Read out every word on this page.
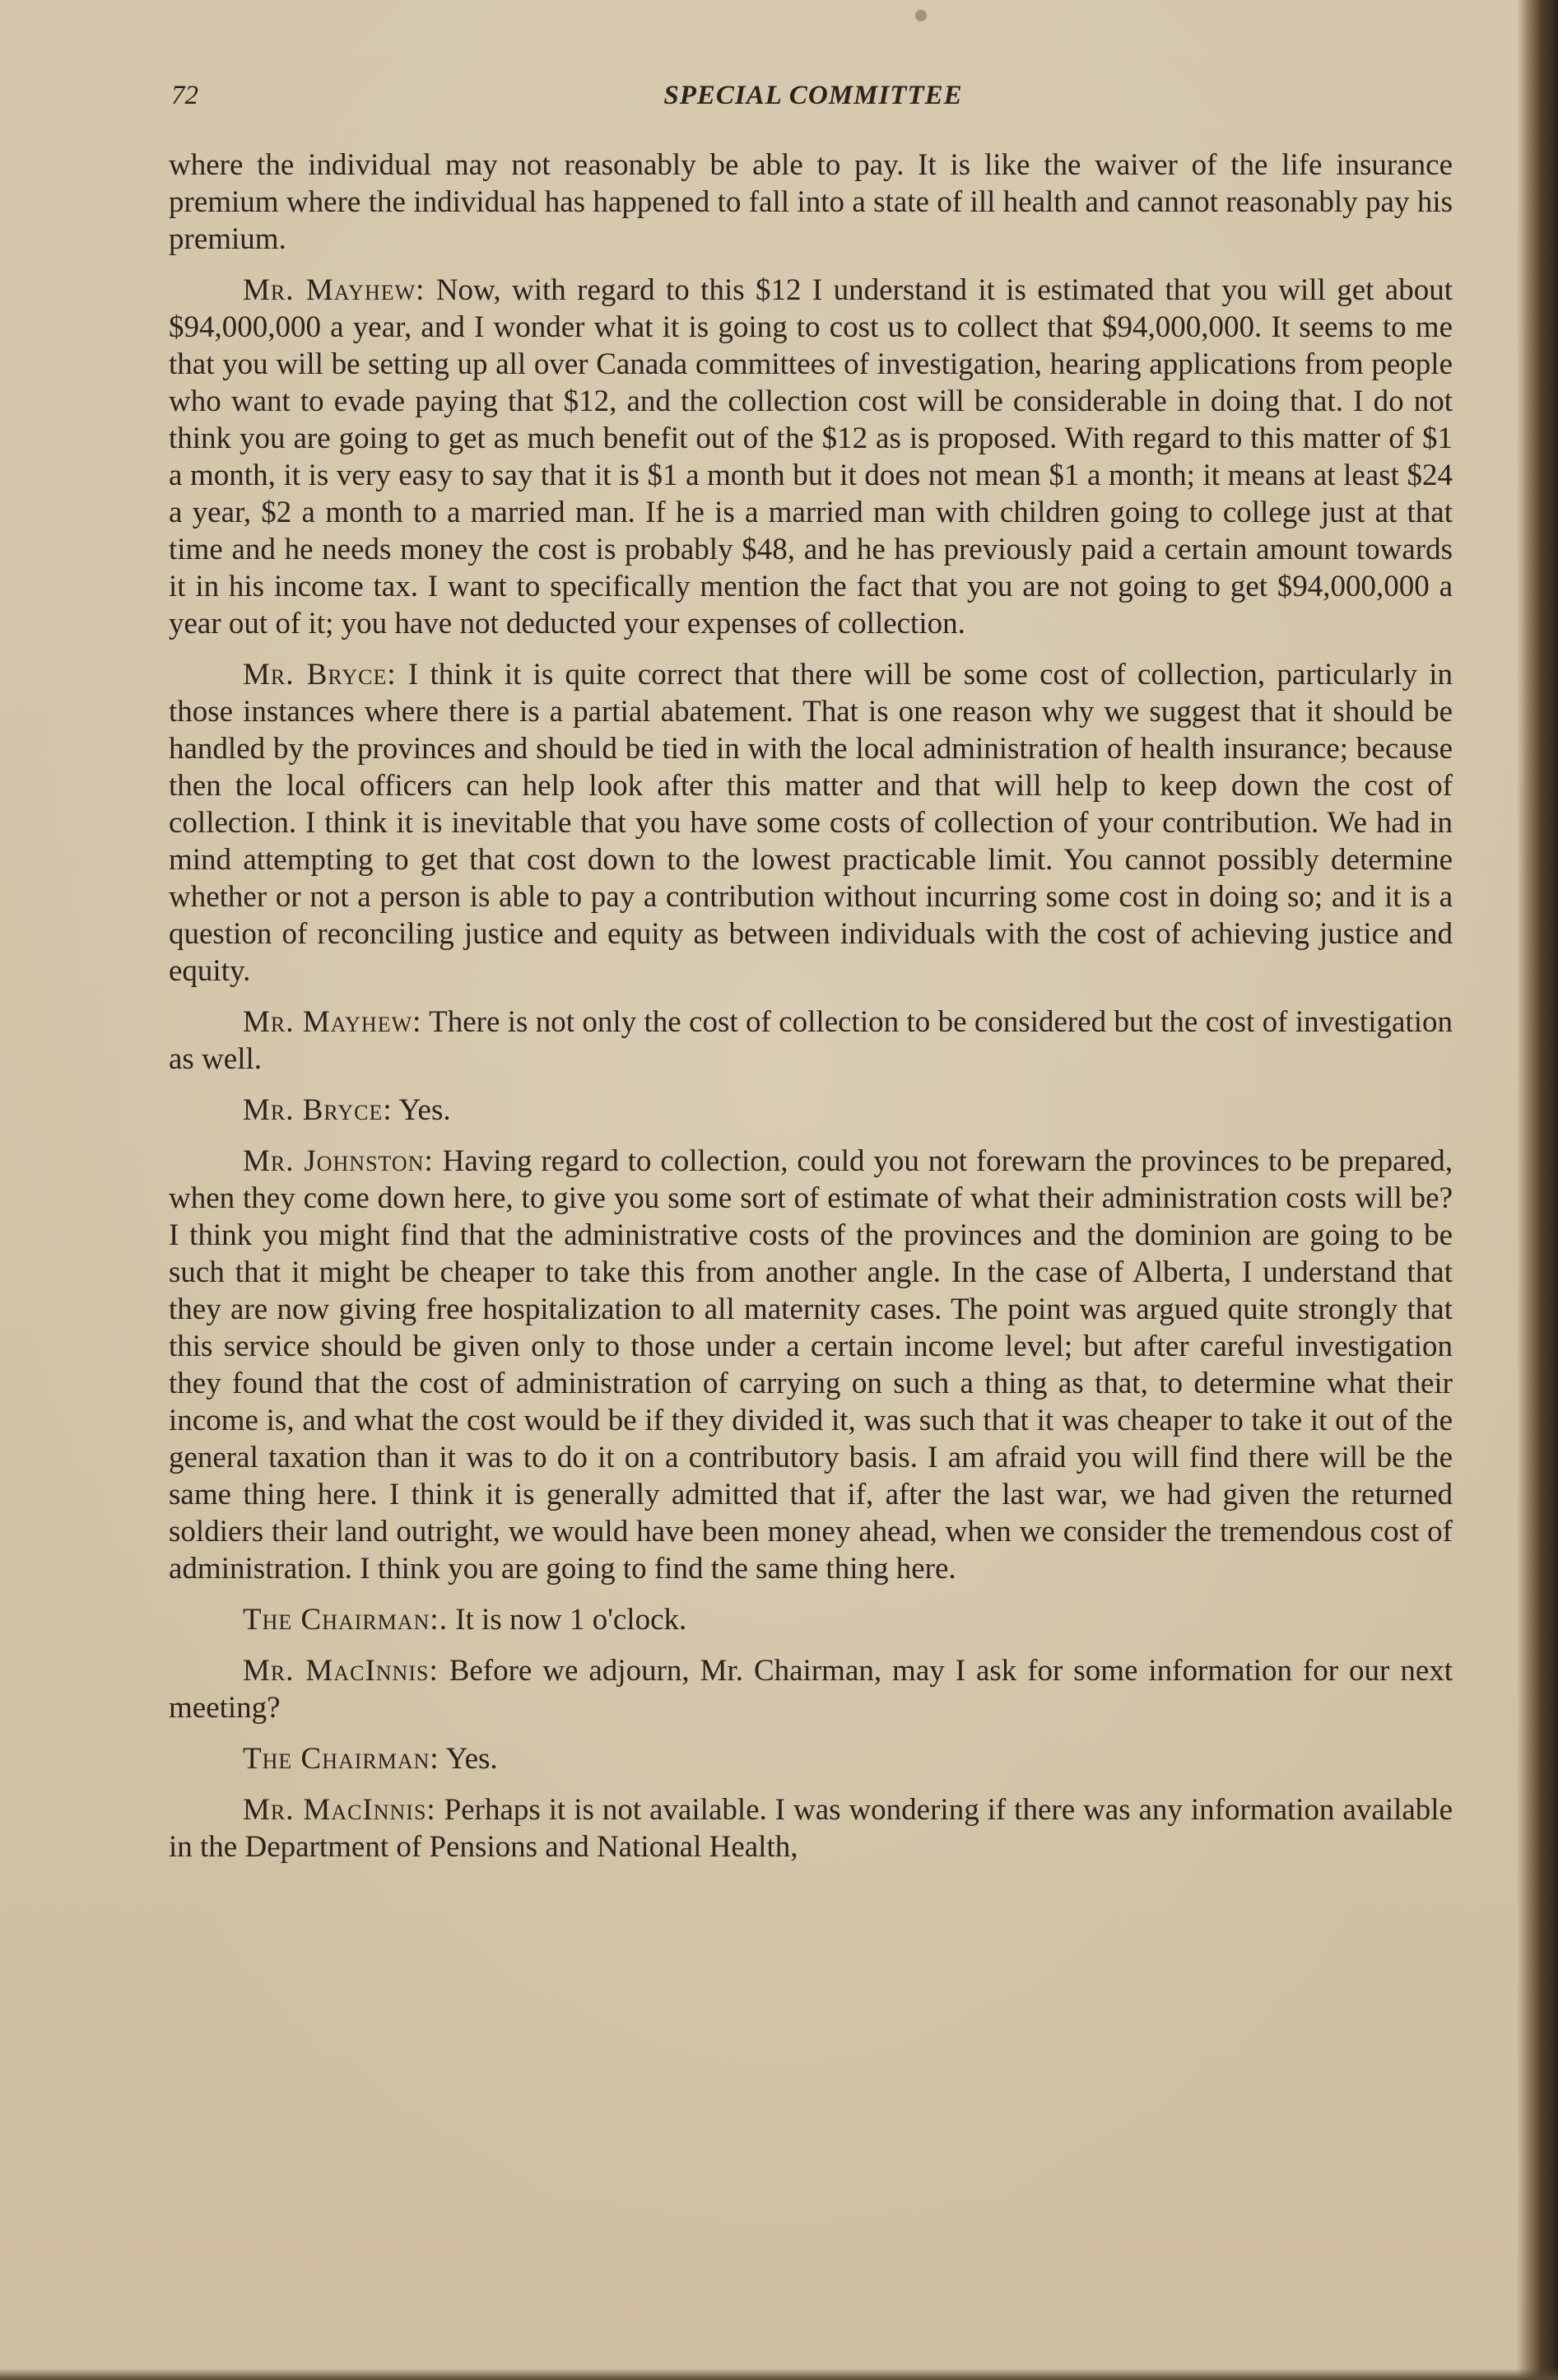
72	SPECIAL COMMITTEE

where the individual may not reasonably be able to pay. It is like the waiver of the life insurance premium where the individual has happened to fall into a state of ill health and cannot reasonably pay his premium.

Mr. Mayhew: Now, with regard to this $12 I understand it is estimated that you will get about $94,000,000 a year, and I wonder what it is going to cost us to collect that $94,000,000. It seems to me that you will be setting up all over Canada committees of investigation, hearing applications from people who want to evade paying that $12, and the collection cost will be considerable in doing that. I do not think you are going to get as much benefit out of the $12 as is proposed. With regard to this matter of $1 a month, it is very easy to say that it is $1 a month but it does not mean $1 a month; it means at least $24 a year, $2 a month to a married man. If he is a married man with children going to college just at that time and he needs money the cost is probably $48, and he has previously paid a certain amount towards it in his income tax. I want to specifically mention the fact that you are not going to get $94,000,000 a year out of it; you have not deducted your expenses of collection.

Mr. Bryce: I think it is quite correct that there will be some cost of collection, particularly in those instances where there is a partial abatement. That is one reason why we suggest that it should be handled by the provinces and should be tied in with the local administration of health insurance; because then the local officers can help look after this matter and that will help to keep down the cost of collection. I think it is inevitable that you have some costs of collection of your contribution. We had in mind attempting to get that cost down to the lowest practicable limit. You cannot possibly determine whether or not a person is able to pay a contribution without incurring some cost in doing so; and it is a question of reconciling justice and equity as between individuals with the cost of achieving justice and equity.

Mr. Mayhew: There is not only the cost of collection to be considered but the cost of investigation as well.

Mr. Bryce: Yes.

Mr. Johnston: Having regard to collection, could you not forewarn the provinces to be prepared, when they come down here, to give you some sort of estimate of what their administration costs will be? I think you might find that the administrative costs of the provinces and the dominion are going to be such that it might be cheaper to take this from another angle. In the case of Alberta, I understand that they are now giving free hospitalization to all maternity cases. The point was argued quite strongly that this service should be given only to those under a certain income level; but after careful investigation they found that the cost of administration of carrying on such a thing as that, to determine what their income is, and what the cost would be if they divided it, was such that it was cheaper to take it out of the general taxation than it was to do it on a contributory basis. I am afraid you will find there will be the same thing here. I think it is generally admitted that if, after the last war, we had given the returned soldiers their land outright, we would have been money ahead, when we consider the tremendous cost of administration. I think you are going to find the same thing here.

The Chairman:. It is now 1 o'clock.

Mr. MacInnis: Before we adjourn, Mr. Chairman, may I ask for some information for our next meeting?

The Chairman: Yes.

Mr. MacInnis: Perhaps it is not available. I was wondering if there was any information available in the Department of Pensions and National Health,
